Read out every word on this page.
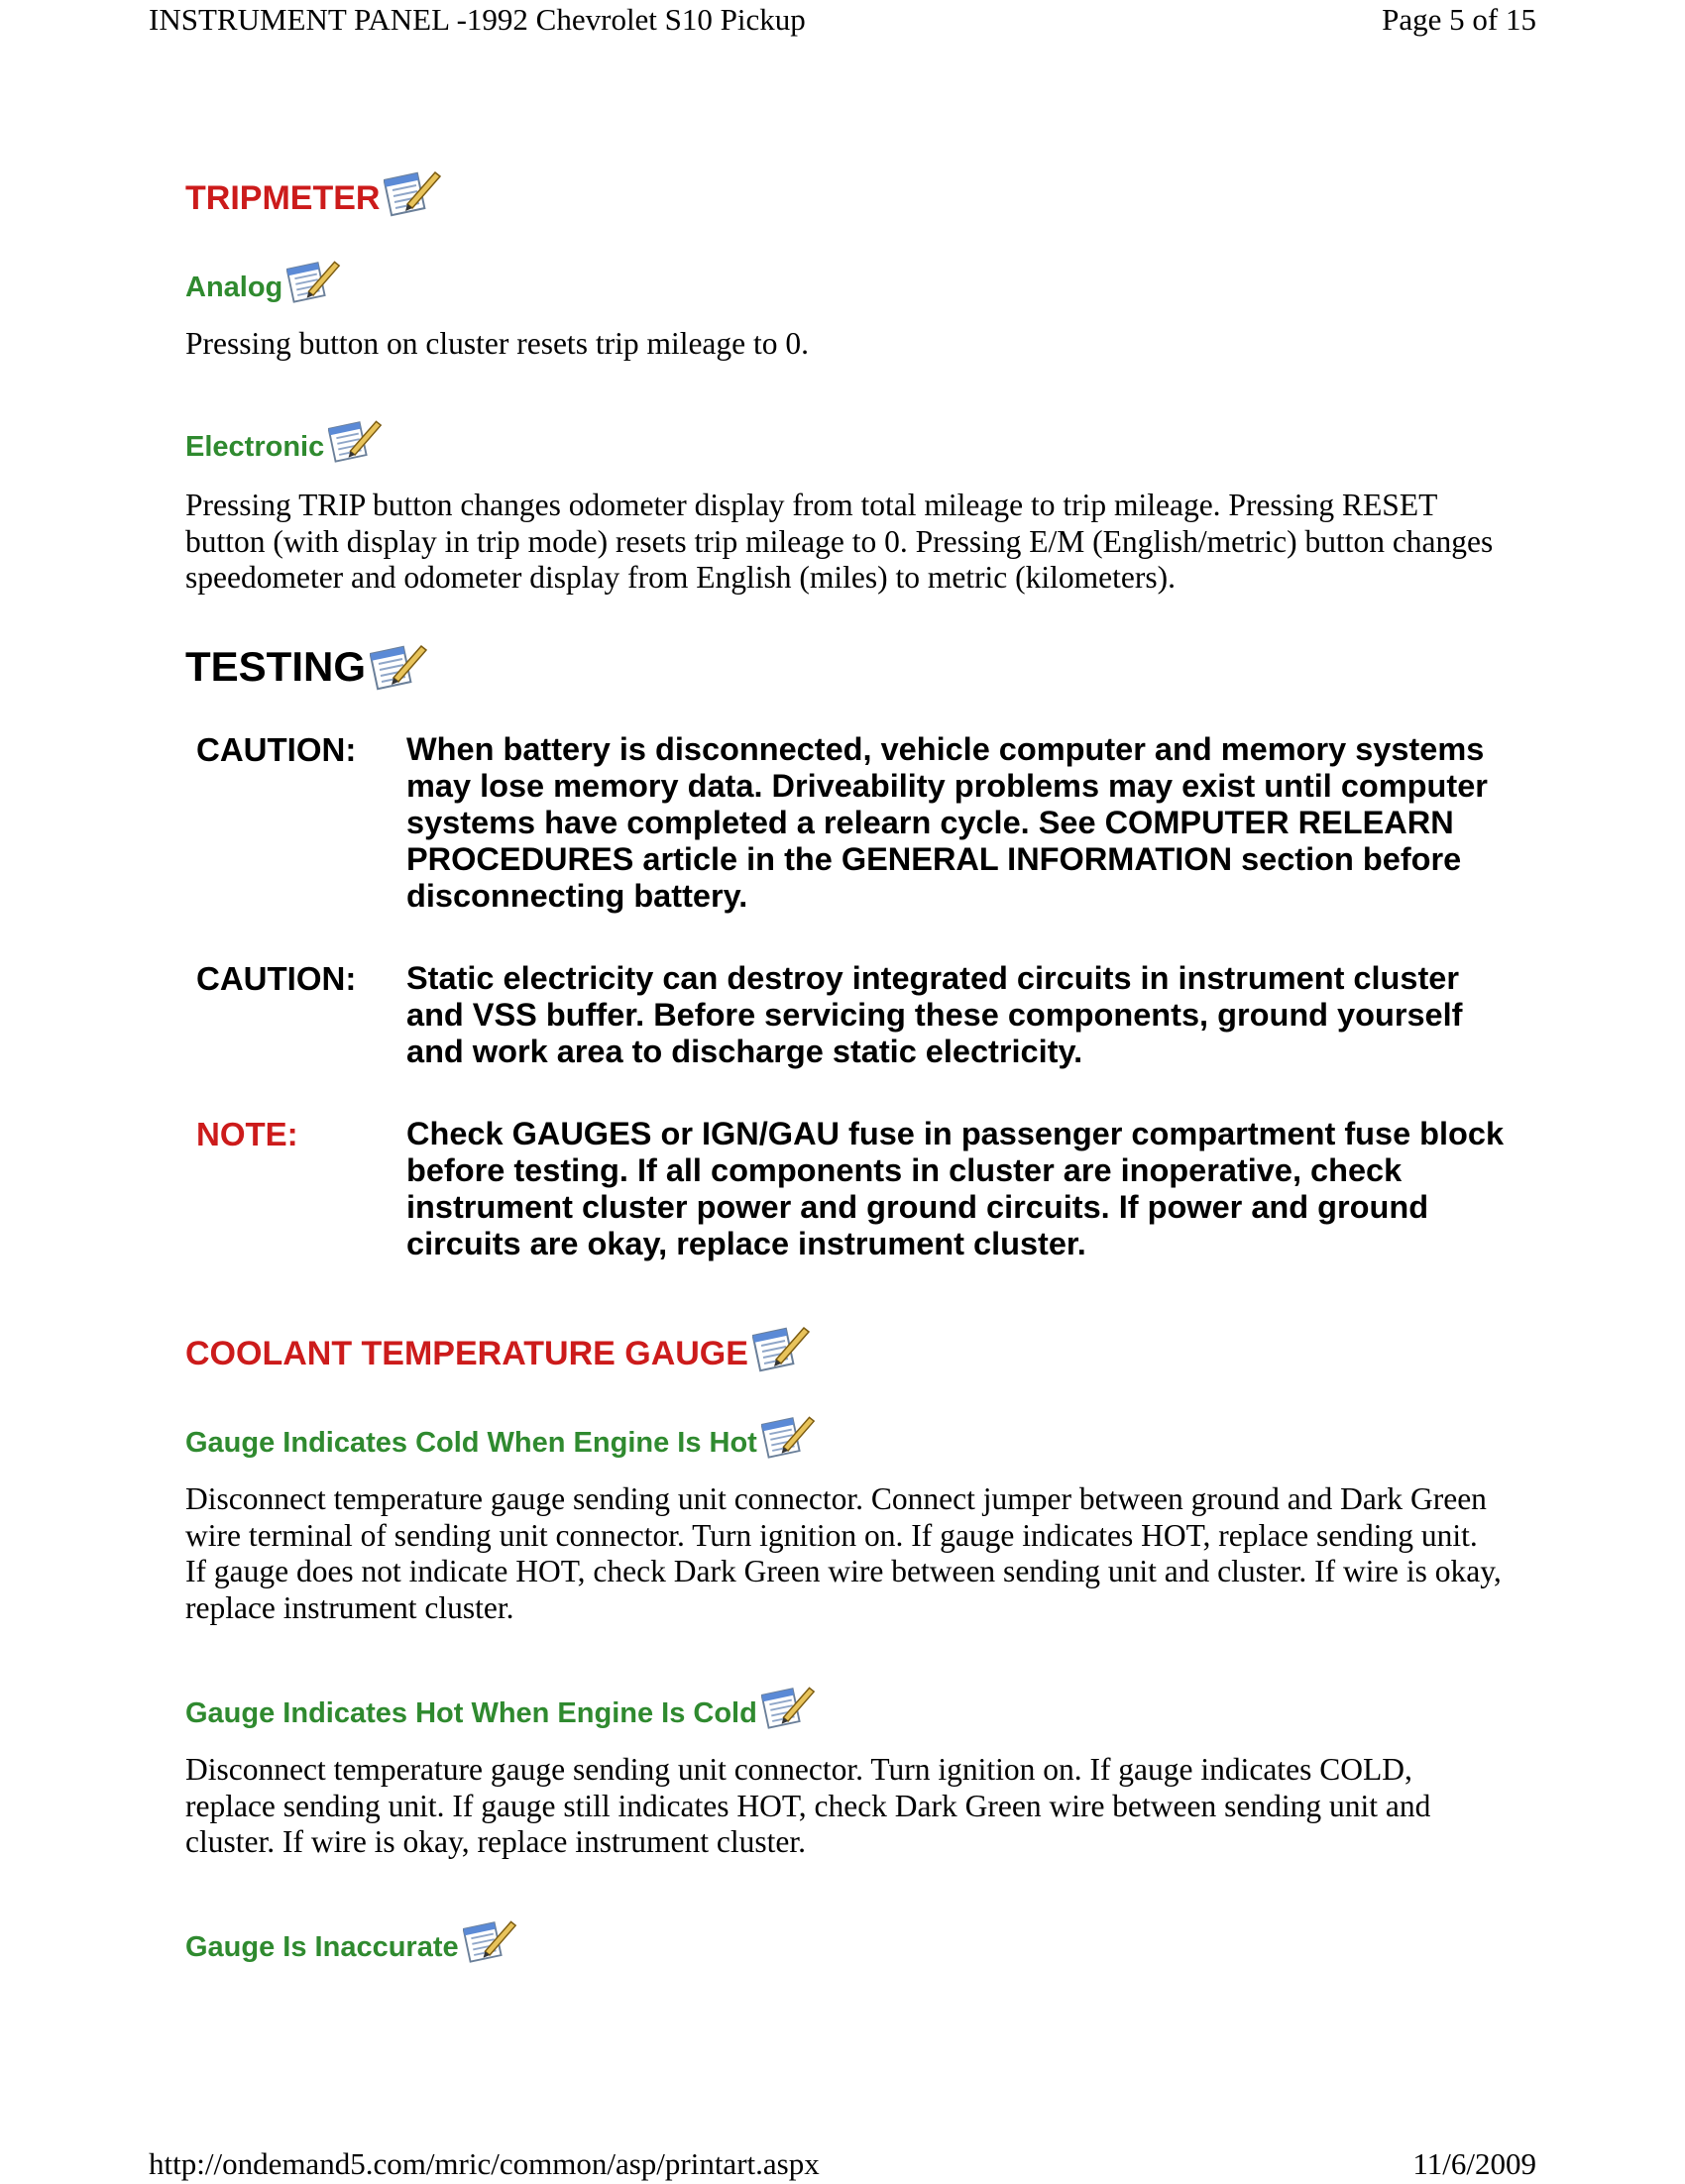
INSTRUMENT PANEL -1992 Chevrolet S10 Pickup	Page 5 of 15
TRIPMETER
Analog
Pressing button on cluster resets trip mileage to 0.
Electronic
Pressing TRIP button changes odometer display from total mileage to trip mileage. Pressing RESET button (with display in trip mode) resets trip mileage to 0. Pressing E/M (English/metric) button changes speedometer and odometer display from English (miles) to metric (kilometers).
TESTING
CAUTION: When battery is disconnected, vehicle computer and memory systems may lose memory data. Driveability problems may exist until computer systems have completed a relearn cycle. See COMPUTER RELEARN PROCEDURES article in the GENERAL INFORMATION section before disconnecting battery.
CAUTION: Static electricity can destroy integrated circuits in instrument cluster and VSS buffer. Before servicing these components, ground yourself and work area to discharge static electricity.
NOTE:	Check GAUGES or IGN/GAU fuse in passenger compartment fuse block before testing. If all components in cluster are inoperative, check instrument cluster power and ground circuits. If power and ground circuits are okay, replace instrument cluster.
COOLANT TEMPERATURE GAUGE
Gauge Indicates Cold When Engine Is Hot
Disconnect temperature gauge sending unit connector. Connect jumper between ground and Dark Green wire terminal of sending unit connector. Turn ignition on. If gauge indicates HOT, replace sending unit. If gauge does not indicate HOT, check Dark Green wire between sending unit and cluster. If wire is okay, replace instrument cluster.
Gauge Indicates Hot When Engine Is Cold
Disconnect temperature gauge sending unit connector. Turn ignition on. If gauge indicates COLD, replace sending unit. If gauge still indicates HOT, check Dark Green wire between sending unit and cluster. If wire is okay, replace instrument cluster.
Gauge Is Inaccurate
http://ondemand5.com/mric/common/asp/printart.aspx	11/6/2009
